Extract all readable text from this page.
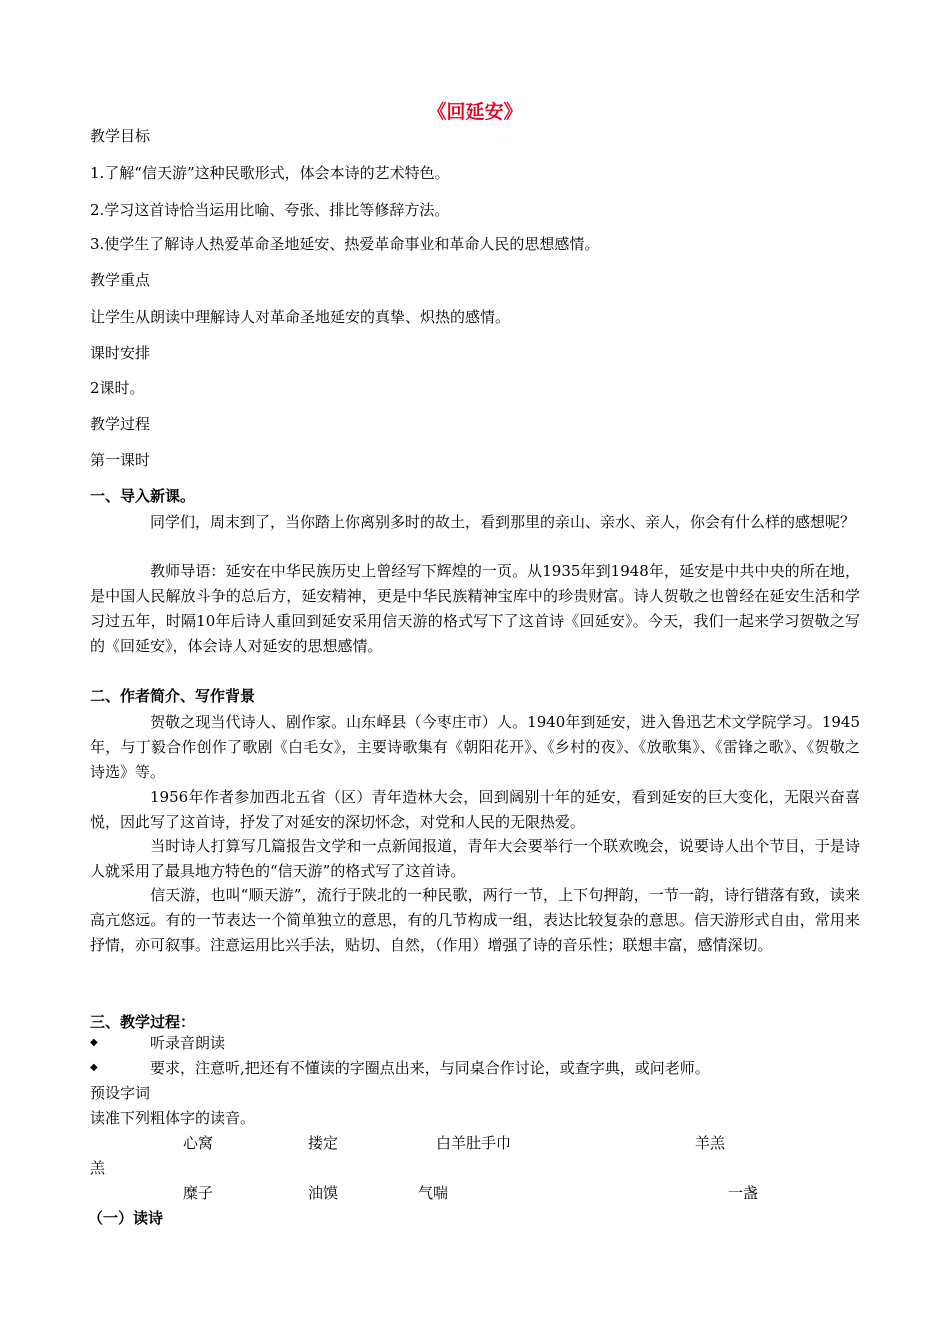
《回延安》
教学目标
1.了解“信天游”这种民歌形式，体会本诗的艺术特色。
2.学习这首诗恰当运用比喻、夸张、排比等修辞方法。
3.使学生了解诗人热爱革命圣地延安、热爱革命事业和革命人民的思想感情。
教学重点
让学生从朗读中理解诗人对革命圣地延安的真挚、炽热的感情。
课时安排
2课时。
教学过程
第一课时
一、导入新课。
同学们，周末到了，当你踏上你离别多时的故土，看到那里的亲山、亲水、亲人，你会有什么样的感想呢？
教师导语：延安在中华民族历史上曾经写下辉煌的一页。从1935年到1948年，延安是中共中央的所在地，是中国人民解放斗争的总后方，延安精神，更是中华民族精神宝库中的珍贵财富。诗人贺敬之也曾经在延安生活和学习过五年，时隔10年后诗人重回到延安采用信天游的格式写下了这首诗《回延安》。今天，我们一起来学习贺敬之写的《回延安》，体会诗人对延安的思想感情。
二、作者简介、写作背景
贺敬之现当代诗人、剧作家。山东峄县（今枣庄市）人。1940年到延安，进入鲁迅艺术文学院学习。1945年，与丁毅合作创作了歌剧《白毛女》，主要诗歌集有《朝阳花开》、《乡村的夜》、《放歌集》、《雷锋之歌》、《贺敬之诗选》等。
1956年作者参加西北五省（区）青年造林大会，回到阔别十年的延安，看到延安的巨大变化，无限兴奋喜悦，因此写了这首诗，抒发了对延安的深切怀念，对党和人民的无限热爱。
当时诗人打算写几篇报告文学和一点新闻报道，青年大会要举行一个联欢晚会，说要诗人出个节目，于是诗人就采用了最具地方特色的“信天游”的格式写了这首诗。
信天游，也叫“顺天游”，流行于陕北的一种民歌，两行一节，上下句押韵，一节一韵，诗行错落有致，读来高亢悠远。有的一节表达一个简单独立的意思，有的几节构成一组，表达比较复杂的意思。信天游形式自由，常用来抒情，亦可叙事。注意运用比兴手法，贴切、自然，（作用）增强了诗的音乐性；联想丰富，感情深切。
三、教学过程：
◆	听录音朗读
◆	要求，注意听,把还有不懂读的字圈点出来，与同桌合作讨论，或查字典，或问老师。
预设字词
读准下列粗体字的读音。
心窝	搂定	白羊肚手巾	羊羔
羔
糜子	油馍	气喘	一盏
（一）读诗
